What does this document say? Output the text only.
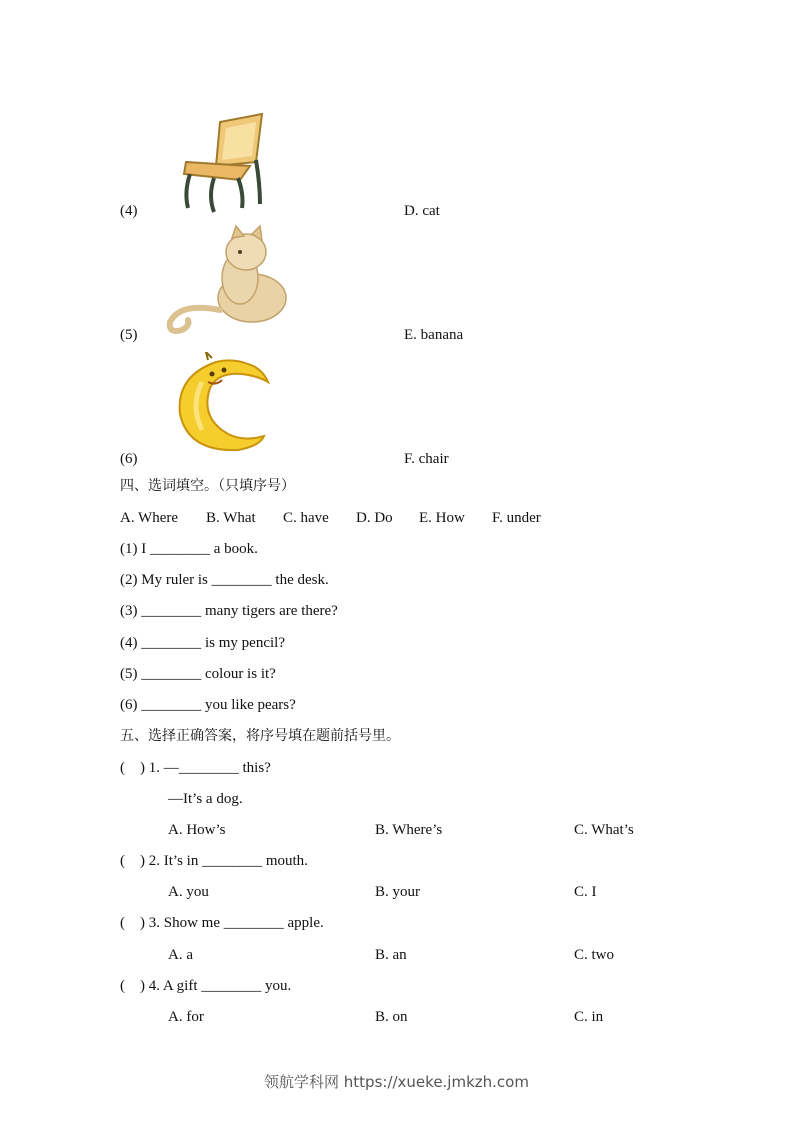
(4)	D. cat
(5)	E. banana
(6)	F. chair
四、选词填空。（只填序号）
A. Where B. What C. have D. Do E. How F. under
(1) I ________ a book.
(2) My ruler is ________ the desk.
(3) ________ many tigers are there?
(4) ________ is my pencil?
(5) ________ colour is it?
(6) ________ you like pears?
五、选择正确答案，将序号填在题前括号里。
(　) 1. —________ this?
—It’s a dog.
A. How’s	B. Where’s	C. What’s
(　) 2. It’s in ________ mouth.
A. you	B. your	C. I
(　) 3. Show me ________ apple.
A. a	B. an	C. two
(　) 4. A gift ________ you.
A. for	B. on	C. in
领航学科网 https://xueke.jmkzh.com
